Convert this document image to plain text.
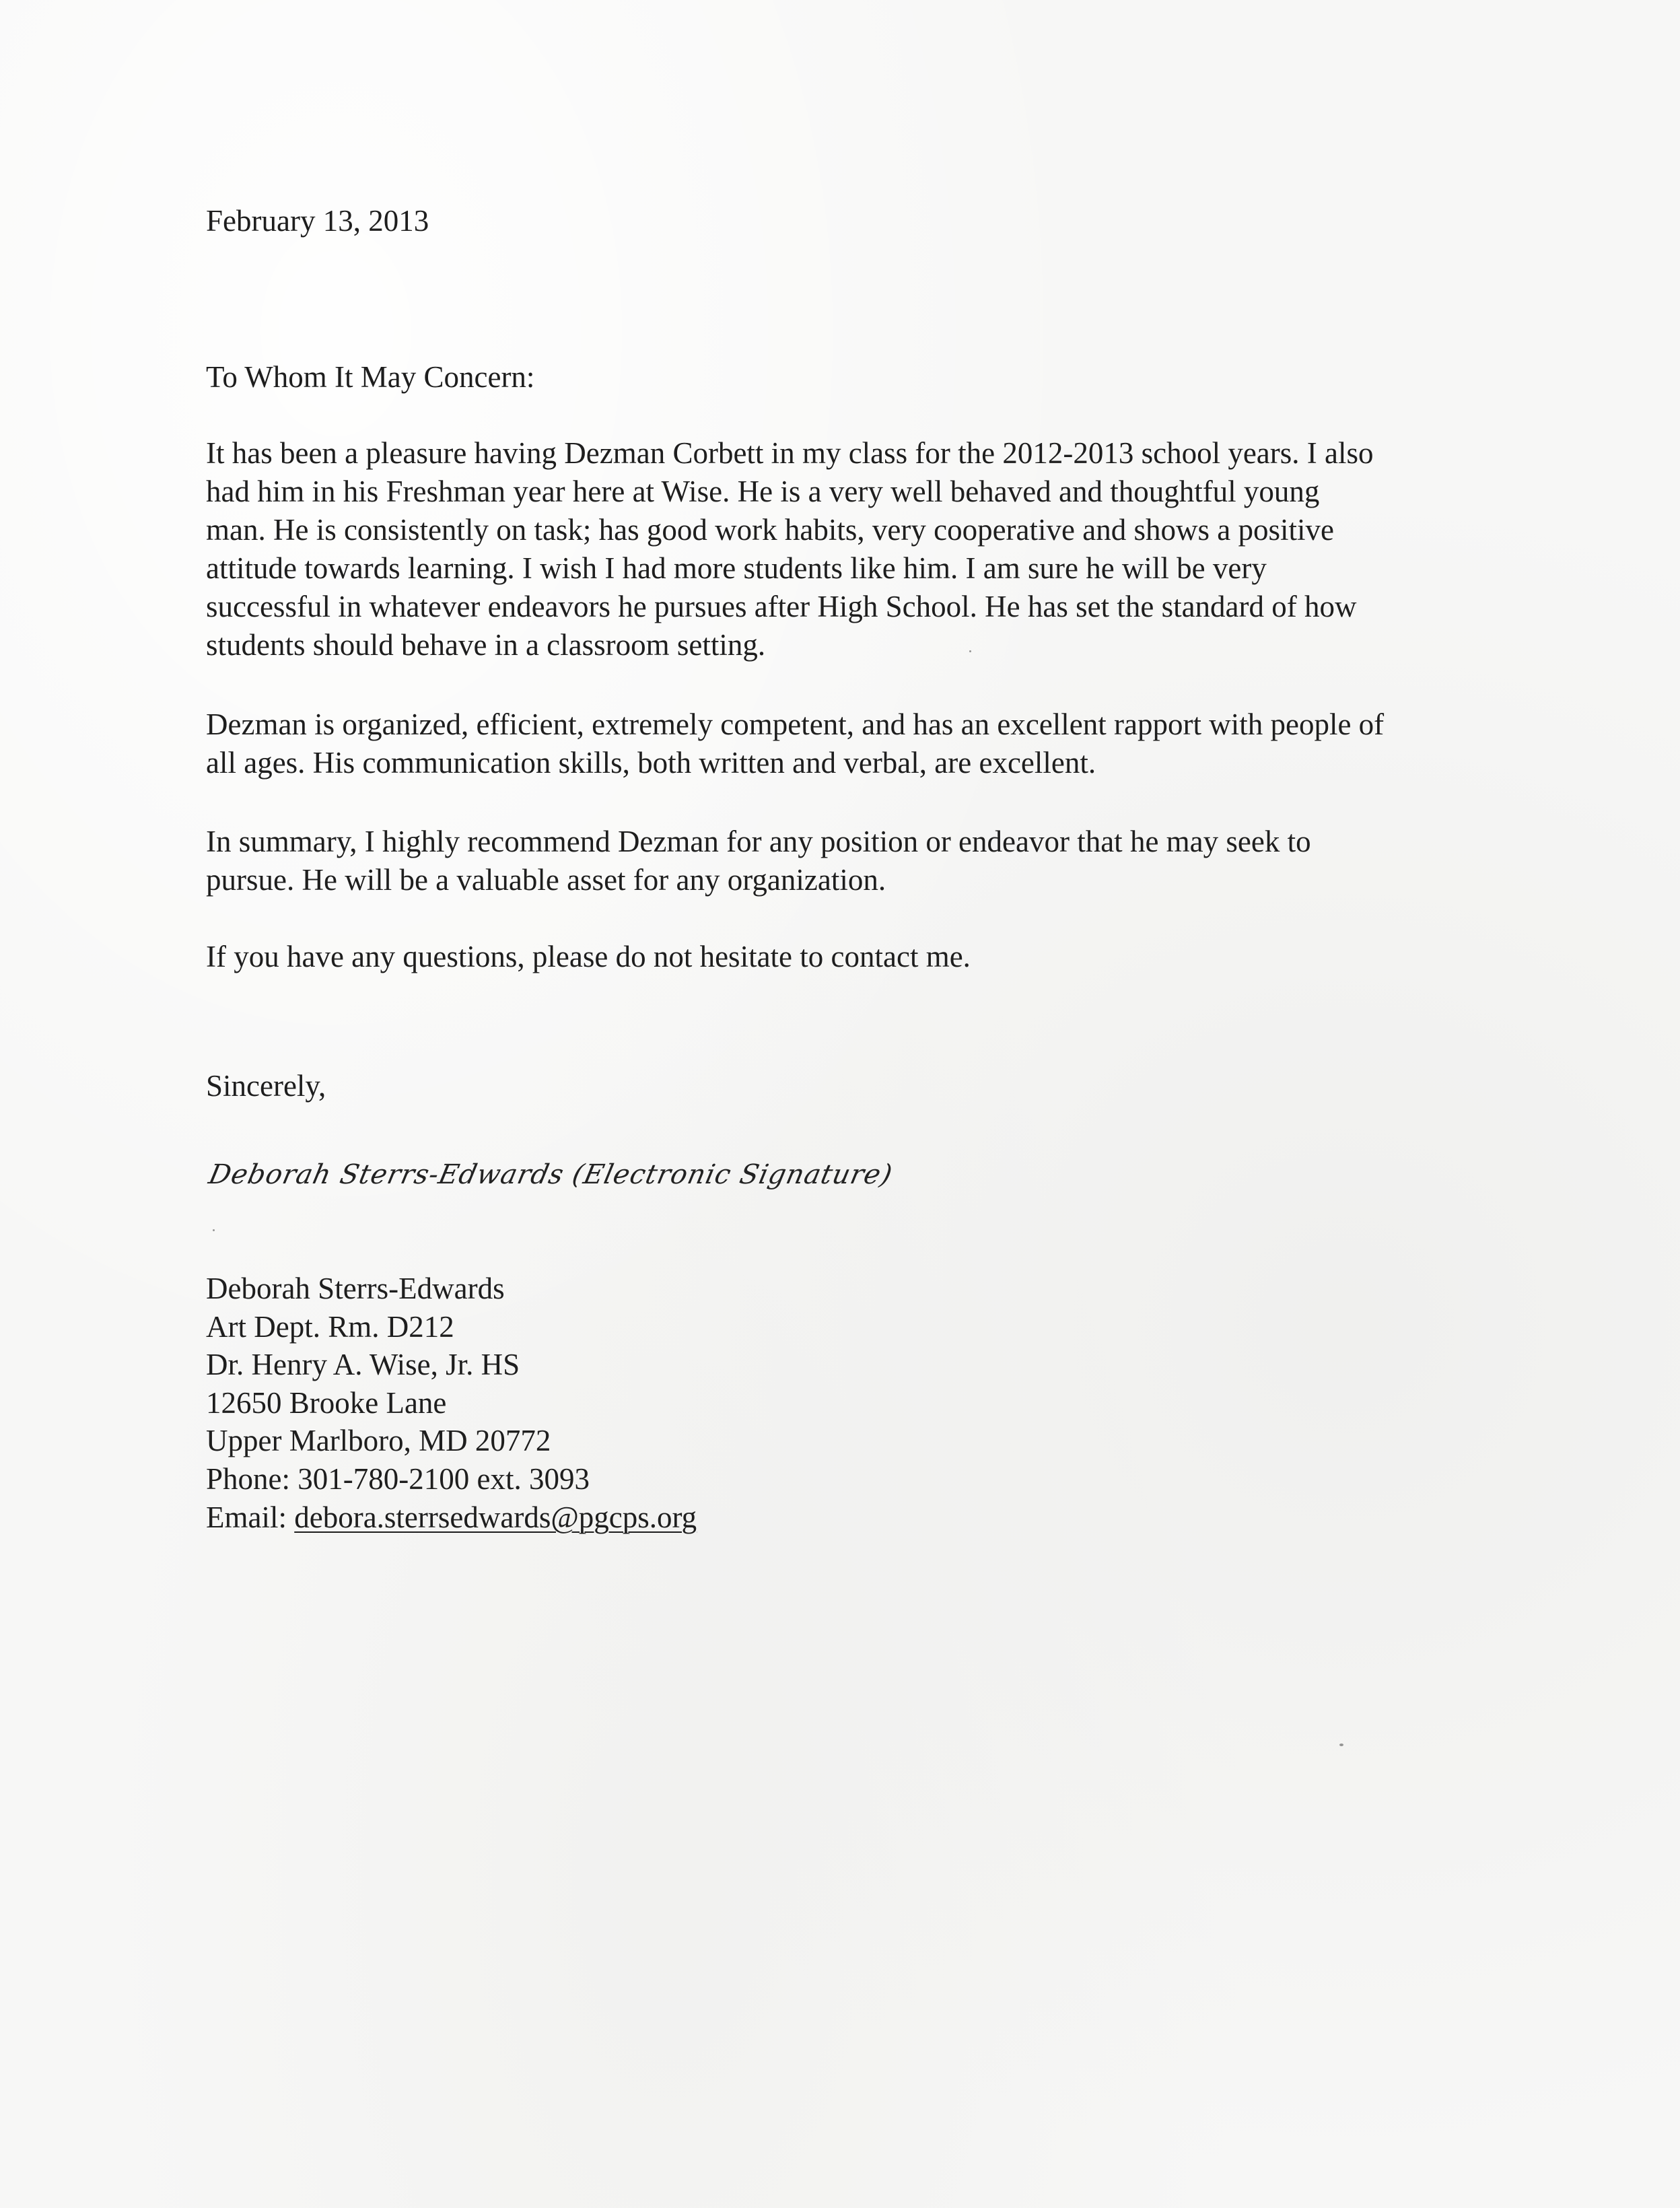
February 13, 2013

To Whom It May Concern:

It has been a pleasure having Dezman Corbett in my class for the 2012-2013 school years. I also
had him in his Freshman year here at Wise. He is a very well behaved and thoughtful young
man. He is consistently on task; has good work habits, very cooperative and shows a positive
attitude towards learning. I wish I had more students like him. I am sure he will be very
successful in whatever endeavors he pursues after High School. He has set the standard of how
students should behave in a classroom setting.

Dezman is organized, efficient, extremely competent, and has an excellent rapport with people of
all ages. His communication skills, both written and verbal, are excellent.

In summary, I highly recommend Dezman for any position or endeavor that he may seek to
pursue. He will be a valuable asset for any organization.

If you have any questions, please do not hesitate to contact me.

Sincerely,

Deborah Sterrs-Edwards (Electronic Signature)

Deborah Sterrs-Edwards
Art Dept. Rm. D212
Dr. Henry A. Wise, Jr. HS
12650 Brooke Lane
Upper Marlboro, MD 20772
Phone: 301-780-2100 ext. 3093
Email: debora.sterrsedwards@pgcps.org
